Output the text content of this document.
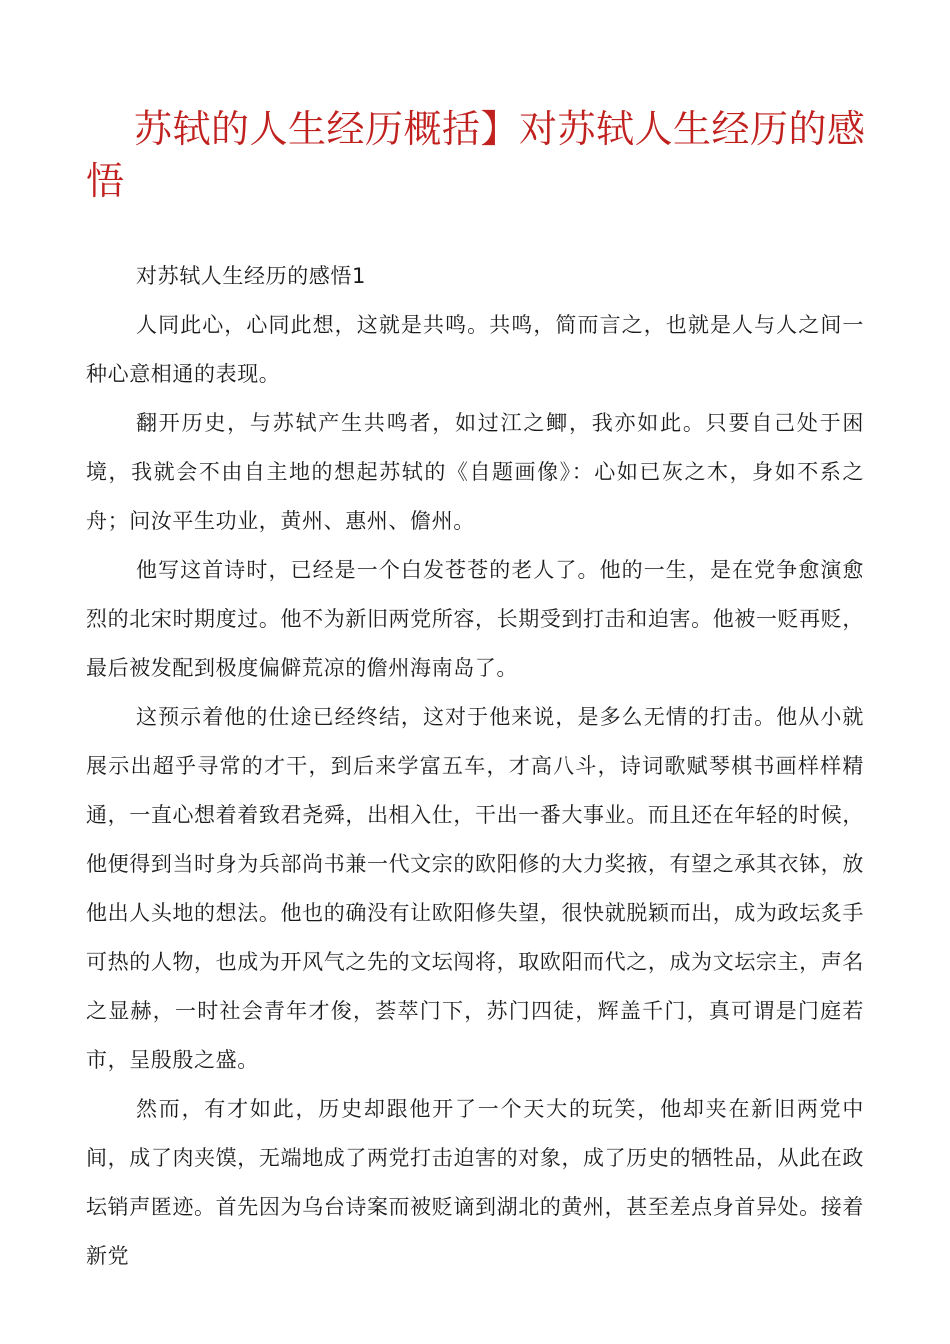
苏轼的人生经历概括】对苏轼人生经历的感悟

对苏轼人生经历的感悟1

人同此心，心同此想，这就是共鸣。共鸣，简而言之，也就是人与人之间一种心意相通的表现。

翻开历史，与苏轼产生共鸣者，如过江之鲫，我亦如此。只要自己处于困境，我就会不由自主地的想起苏轼的《自题画像》：心如已灰之木，身如不系之舟；问汝平生功业，黄州、惠州、儋州。

他写这首诗时，已经是一个白发苍苍的老人了。他的一生，是在党争愈演愈烈的北宋时期度过。他不为新旧两党所容，长期受到打击和迫害。他被一贬再贬，最后被发配到极度偏僻荒凉的儋州海南岛了。

这预示着他的仕途已经终结，这对于他来说，是多么无情的打击。他从小就展示出超乎寻常的才干，到后来学富五车，才高八斗，诗词歌赋琴棋书画样样精通，一直心想着着致君尧舜，出相入仕，干出一番大事业。而且还在年轻的时候，他便得到当时身为兵部尚书兼一代文宗的欧阳修的大力奖掖，有望之承其衣钵，放他出人头地的想法。他也的确没有让欧阳修失望，很快就脱颖而出，成为政坛炙手可热的人物，也成为开风气之先的文坛闯将，取欧阳而代之，成为文坛宗主，声名之显赫，一时社会青年才俊，荟萃门下，苏门四徒，辉盖千门，真可谓是门庭若市，呈殷殷之盛。

然而，有才如此，历史却跟他开了一个天大的玩笑，他却夹在新旧两党中间，成了肉夹馍，无端地成了两党打击迫害的对象，成了历史的牺牲品，从此在政坛销声匿迹。首先因为乌台诗案而被贬谪到湖北的黄州，甚至差点身首异处。接着新党
